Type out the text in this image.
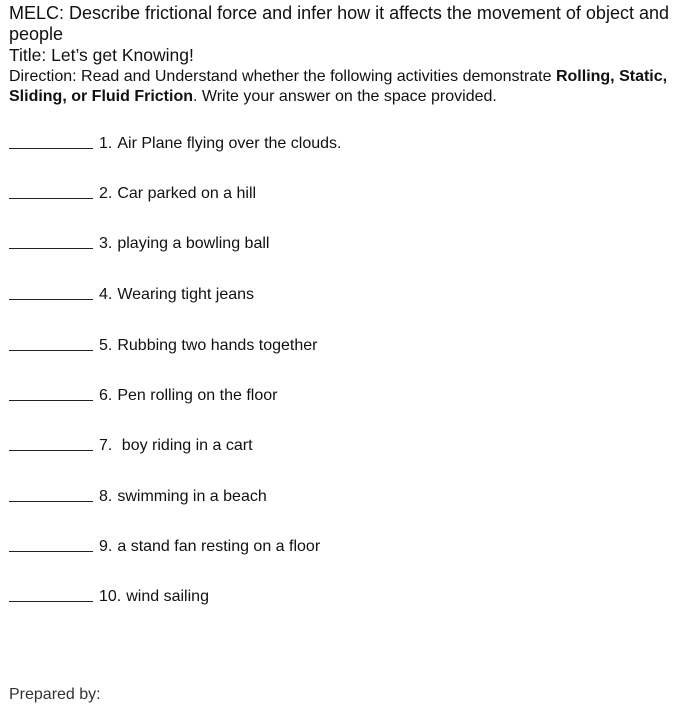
MELC: Describe frictional force and infer how it affects the movement of object and people
Title: Let’s get Knowing!
Direction: Read and Understand whether the following activities demonstrate Rolling, Static, Sliding, or Fluid Friction. Write your answer on the space provided.
1. Air Plane flying over the clouds.
2. Car parked on a hill
3. playing a bowling ball
4. Wearing tight jeans
5. Rubbing two hands together
6. Pen rolling on the floor
7. boy riding in a cart
8. swimming in a beach
9. a stand fan resting on a floor
10. wind sailing
Prepared by:
